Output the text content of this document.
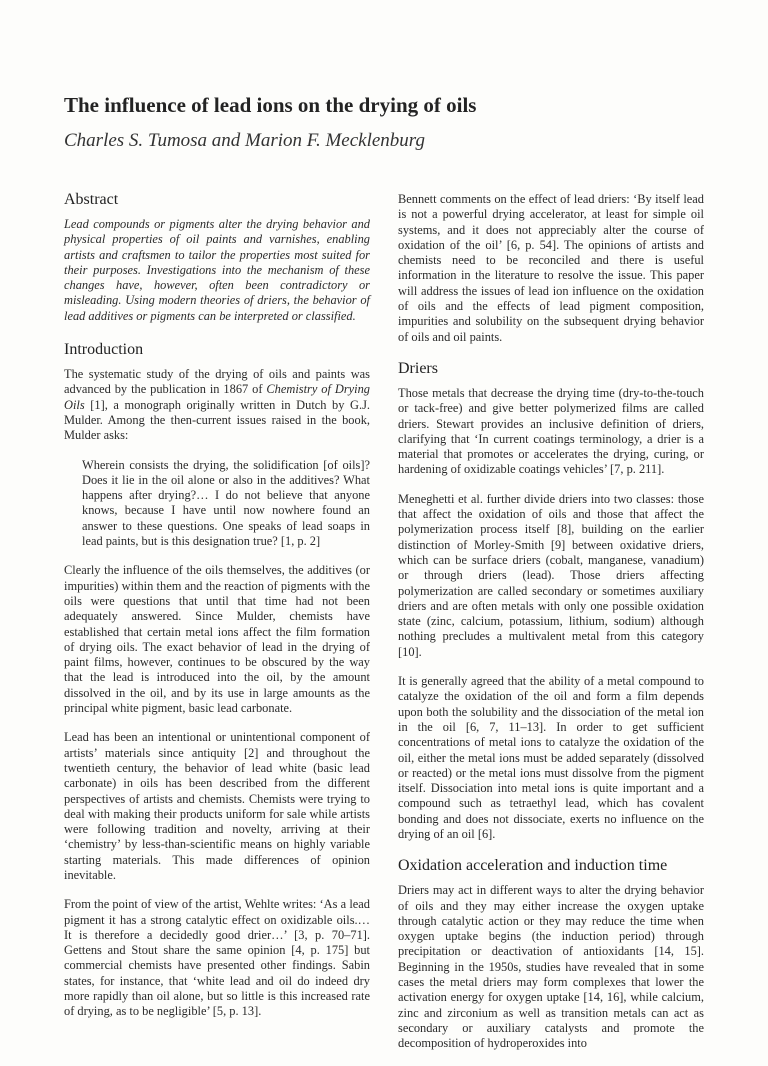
The influence of lead ions on the drying of oils
Charles S. Tumosa and Marion F. Mecklenburg
Abstract

Lead compounds or pigments alter the drying behavior and physical properties of oil paints and varnishes, enabling artists and craftsmen to tailor the properties most suited for their purposes. Investigations into the mechanism of these changes have, however, often been contradictory or misleading. Using modern theories of driers, the behavior of lead additives or pigments can be interpreted or classified.

Introduction

The systematic study of the drying of oils and paints was advanced by the publication in 1867 of Chemistry of Drying Oils [1], a monograph originally written in Dutch by G.J. Mulder. Among the then-current issues raised in the book, Mulder asks:

Wherein consists the drying, the solidification [of oils]? Does it lie in the oil alone or also in the additives? What happens after drying?… I do not believe that anyone knows, because I have until now nowhere found an answer to these questions. One speaks of lead soaps in lead paints, but is this designation true? [1, p. 2]

Clearly the influence of the oils themselves, the additives (or impurities) within them and the reaction of pigments with the oils were questions that until that time had not been adequately answered. Since Mulder, chemists have established that certain metal ions affect the film formation of drying oils. The exact behavior of lead in the drying of paint films, however, continues to be obscured by the way that the lead is introduced into the oil, by the amount dissolved in the oil, and by its use in large amounts as the principal white pigment, basic lead carbonate.

Lead has been an intentional or unintentional component of artists’ materials since antiquity [2] and throughout the twentieth century, the behavior of lead white (basic lead carbonate) in oils has been described from the different perspectives of artists and chemists. Chemists were trying to deal with making their products uniform for sale while artists were following tradition and novelty, arriving at their ‘chemistry’ by less-than-scientific means on highly variable starting materials. This made differences of opinion inevitable.

From the point of view of the artist, Wehlte writes: ‘As a lead pigment it has a strong catalytic effect on oxidizable oils.… It is therefore a decidedly good drier…’ [3, p. 70–71]. Gettens and Stout share the same opinion [4, p. 175] but commercial chemists have presented other findings. Sabin states, for instance, that ‘white lead and oil do indeed dry more rapidly than oil alone, but so little is this increased rate of drying, as to be negligible’ [5, p. 13].

Bennett comments on the effect of lead driers: ‘By itself lead is not a powerful drying accelerator, at least for simple oil systems, and it does not appreciably alter the course of oxidation of the oil’ [6, p. 54]. The opinions of artists and chemists need to be reconciled and there is useful information in the literature to resolve the issue. This paper will address the issues of lead ion influence on the oxidation of oils and the effects of lead pigment composition, impurities and solubility on the subsequent drying behavior of oils and oil paints.

Driers

Those metals that decrease the drying time (dry-to-the-touch or tack-free) and give better polymerized films are called driers. Stewart provides an inclusive definition of driers, clarifying that ‘In current coatings terminology, a drier is a material that promotes or accelerates the drying, curing, or hardening of oxidizable coatings vehicles’ [7, p. 211].

Meneghetti et al. further divide driers into two classes: those that affect the oxidation of oils and those that affect the polymerization process itself [8], building on the earlier distinction of Morley-Smith [9] between oxidative driers, which can be surface driers (cobalt, manganese, vanadium) or through driers (lead). Those driers affecting polymerization are called secondary or sometimes auxiliary driers and are often metals with only one possible oxidation state (zinc, calcium, potassium, lithium, sodium) although nothing precludes a multivalent metal from this category [10].

It is generally agreed that the ability of a metal compound to catalyze the oxidation of the oil and form a film depends upon both the solubility and the dissociation of the metal ion in the oil [6, 7, 11–13]. In order to get sufficient concentrations of metal ions to catalyze the oxidation of the oil, either the metal ions must be added separately (dissolved or reacted) or the metal ions must dissolve from the pigment itself. Dissociation into metal ions is quite important and a compound such as tetraethyl lead, which has covalent bonding and does not dissociate, exerts no influence on the drying of an oil [6].

Oxidation acceleration and induction time

Driers may act in different ways to alter the drying behavior of oils and they may either increase the oxygen uptake through catalytic action or they may reduce the time when oxygen uptake begins (the induction period) through precipitation or deactivation of antioxidants [14, 15]. Beginning in the 1950s, studies have revealed that in some cases the metal driers may form complexes that lower the activation energy for oxygen uptake [14, 16], while calcium, zinc and zirconium as well as transition metals can act as secondary or auxiliary catalysts and promote the decomposition of hydroperoxides into
